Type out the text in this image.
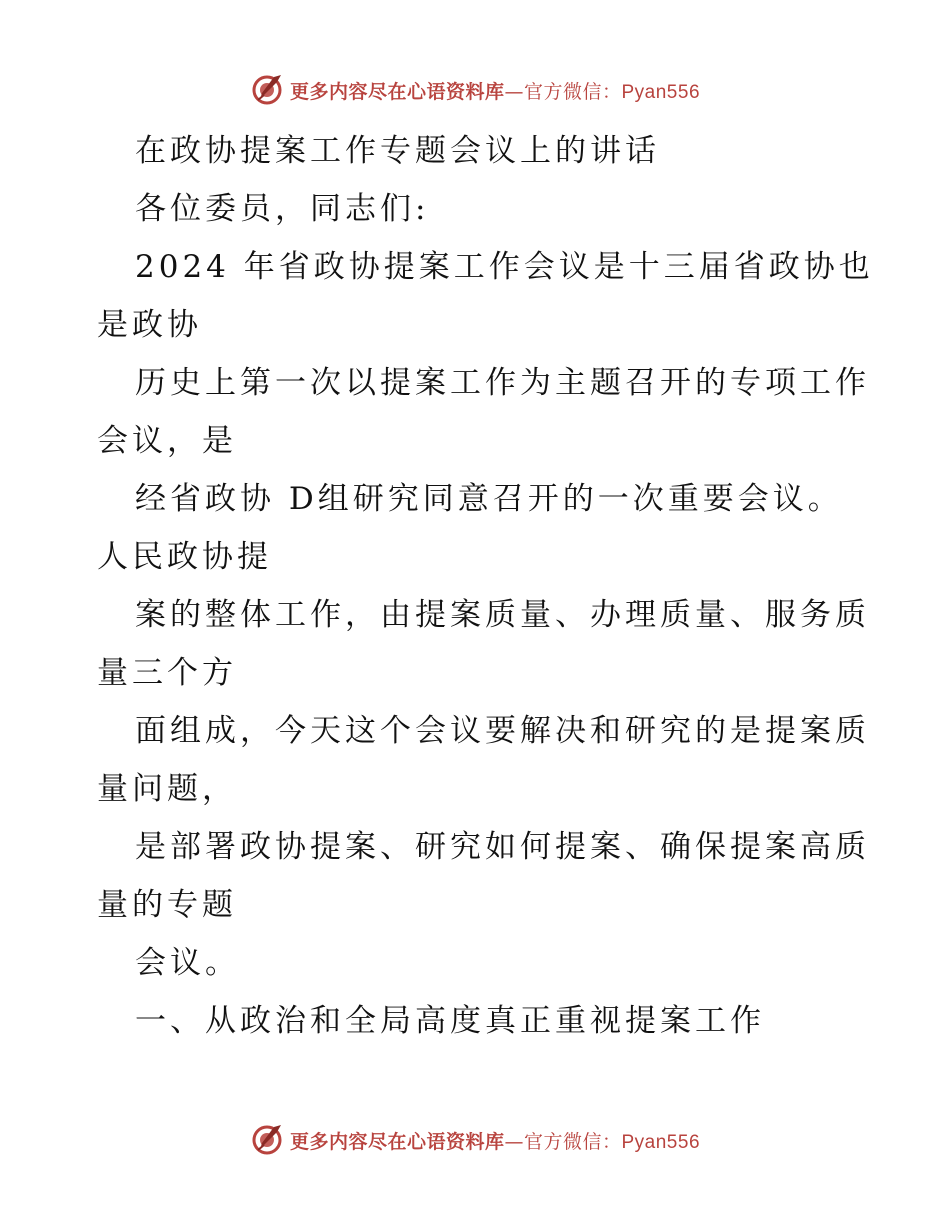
更多内容尽在心语资料库—官方微信：Pyan556
在政协提案工作专题会议上的讲话
各位委员，同志们:
2024 年省政协提案工作会议是十三届省政协也
是政协
历史上第一次以提案工作为主题召开的专项工作
会议，是
经省政协 D组研究同意召开的一次重要会议。
人民政协提
案的整体工作，由提案质量、办理质量、服务质
量三个方
面组成，今天这个会议要解决和研究的是提案质
量问题，
是部署政协提案、研究如何提案、确保提案高质
量的专题
会议。
一、从政治和全局高度真正重视提案工作
更多内容尽在心语资料库—官方微信：Pyan556
